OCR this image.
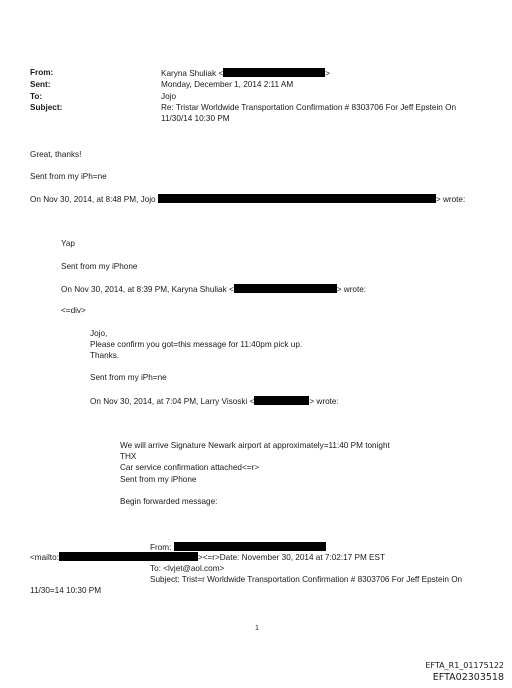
From:	Karyna Shuliak <	>
Sent:	Monday, December 1, 2014 2:11 AM
To:	Jojo
Subject:	Re: Tristar Worldwide Transportation Confirmation # 8303706 For Jeff Epstein On
11/30/14 10:30 PM
Great, thanks!
Sent from my iPh=ne
On Nov 30, 2014, at 8:48 PM, Jojo	> wrote:
Yap
Sent from my iPhone
On Nov 30, 2014, at 8:39 PM, Karyna Shuliak <	> wrote:
<=div>
Jojo,
Please confirm you got=this message for 11:40pm pick up.
Thanks.
Sent from my iPh=ne
On Nov 30, 2014, at 7:04 PM, Larry Visoski <	> wrote:
We will arrive Signature Newark airport at approximately=11:40 PM tonight
THX
Car service confirmation attached<=r>
Sent from my iPhone
Begin forwarded message:
From:
<mailto:	><=r>Date: November 30, 2014 at 7:02:17 PM EST
To: <lvjet@aol.com>
Subject: Trist=r Worldwide Transportation Confirmation # 8303706 For Jeff Epstein On
11/30=14 10:30 PM
1
EFTA_R1_01175122
EFTA02303518
